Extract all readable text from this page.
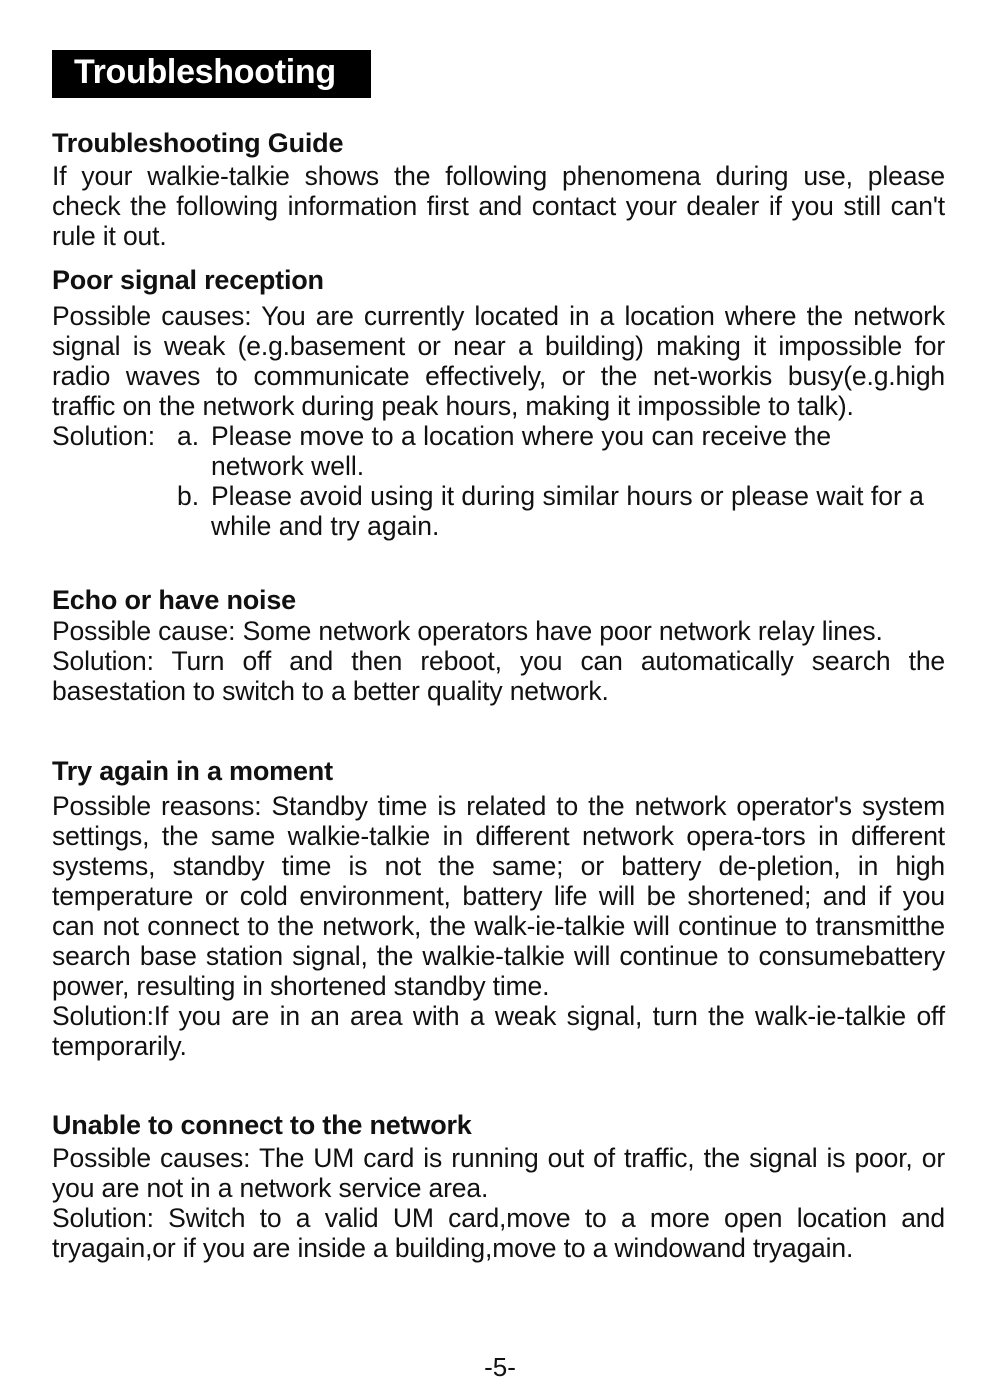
Troubleshooting

Troubleshooting Guide

If your walkie-talkie shows the following phenomena during use, please check the following information first and contact your dealer if you still can't rule it out.

Poor signal reception

Possible causes: You are currently located in a location where the network signal is weak (e.g.basement or near a building) making it impossible for radio waves to communicate effectively, or the net-workis busy(e.g.high traffic on the network during peak hours, making it impossible to talk).

Solution: a. Please move to a location where you can receive the network well.
b. Please avoid using it during similar hours or please wait for a while and try again.

Echo or have noise

Possible cause: Some network operators have poor network relay lines.

Solution: Turn off and then reboot, you can automatically search the basestation to switch to a better quality network.

Try again in a moment

Possible reasons: Standby time is related to the network operator's system settings, the same walkie-talkie in different network opera-tors in different systems, standby time is not the same; or battery de-pletion, in high temperature or cold environment, battery life will be shortened; and if you can not connect to the network, the walk-ie-talkie will continue to transmitthe search base station signal, the walkie-talkie will continue to consumebattery power, resulting in shortened standby time.

Solution:If you are in an area with a weak signal, turn the walk-ie-talkie off temporarily.

Unable to connect to the network

Possible causes: The UM card is running out of traffic, the signal is poor, or you are not in a network service area.

Solution: Switch to a valid UM card,move to a more open location and tryagain,or if you are inside a building,move to a windowand tryagain.

-5-
